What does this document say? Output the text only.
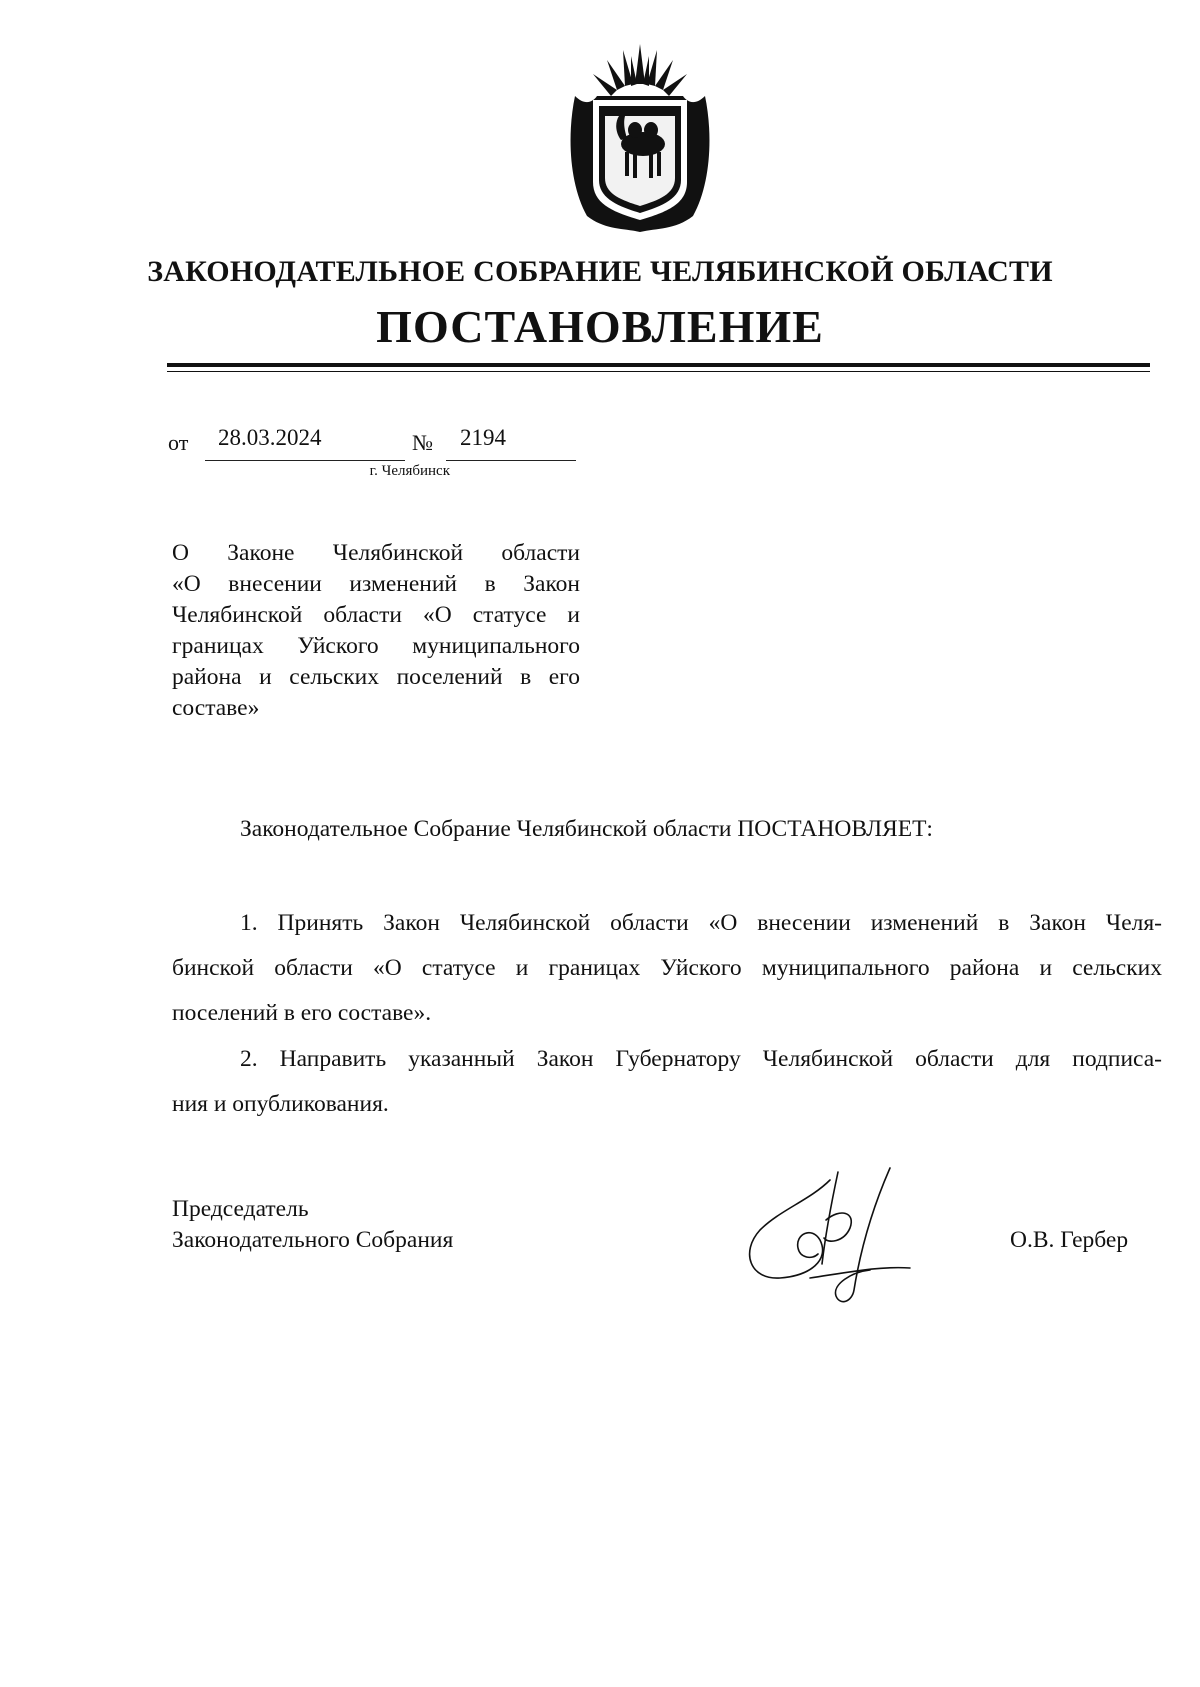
ЗАКОНОДАТЕЛЬНОЕ СОБРАНИЕ ЧЕЛЯБИНСКОЙ ОБЛАСТИ
ПОСТАНОВЛЕНИЕ
от 28.03.2024	№ 2194
г. Челябинск
О Законе Челябинской области
«О внесении изменений в Закон
Челябинской области «О статусе и
границах Уйского муниципального
района и сельских поселений в его
составе»
Законодательное Собрание Челябинской области ПОСТАНОВЛЯЕТ:
1. Принять Закон Челябинской области «О внесении изменений в Закон Челя-
бинской области «О статусе и границах Уйского муниципального района и сельских
поселений в его составе».
2. Направить указанный Закон Губернатору Челябинской области для подписа-
ния и опубликования.
Председатель
Законодательного Собрания	О.В. Гербер
